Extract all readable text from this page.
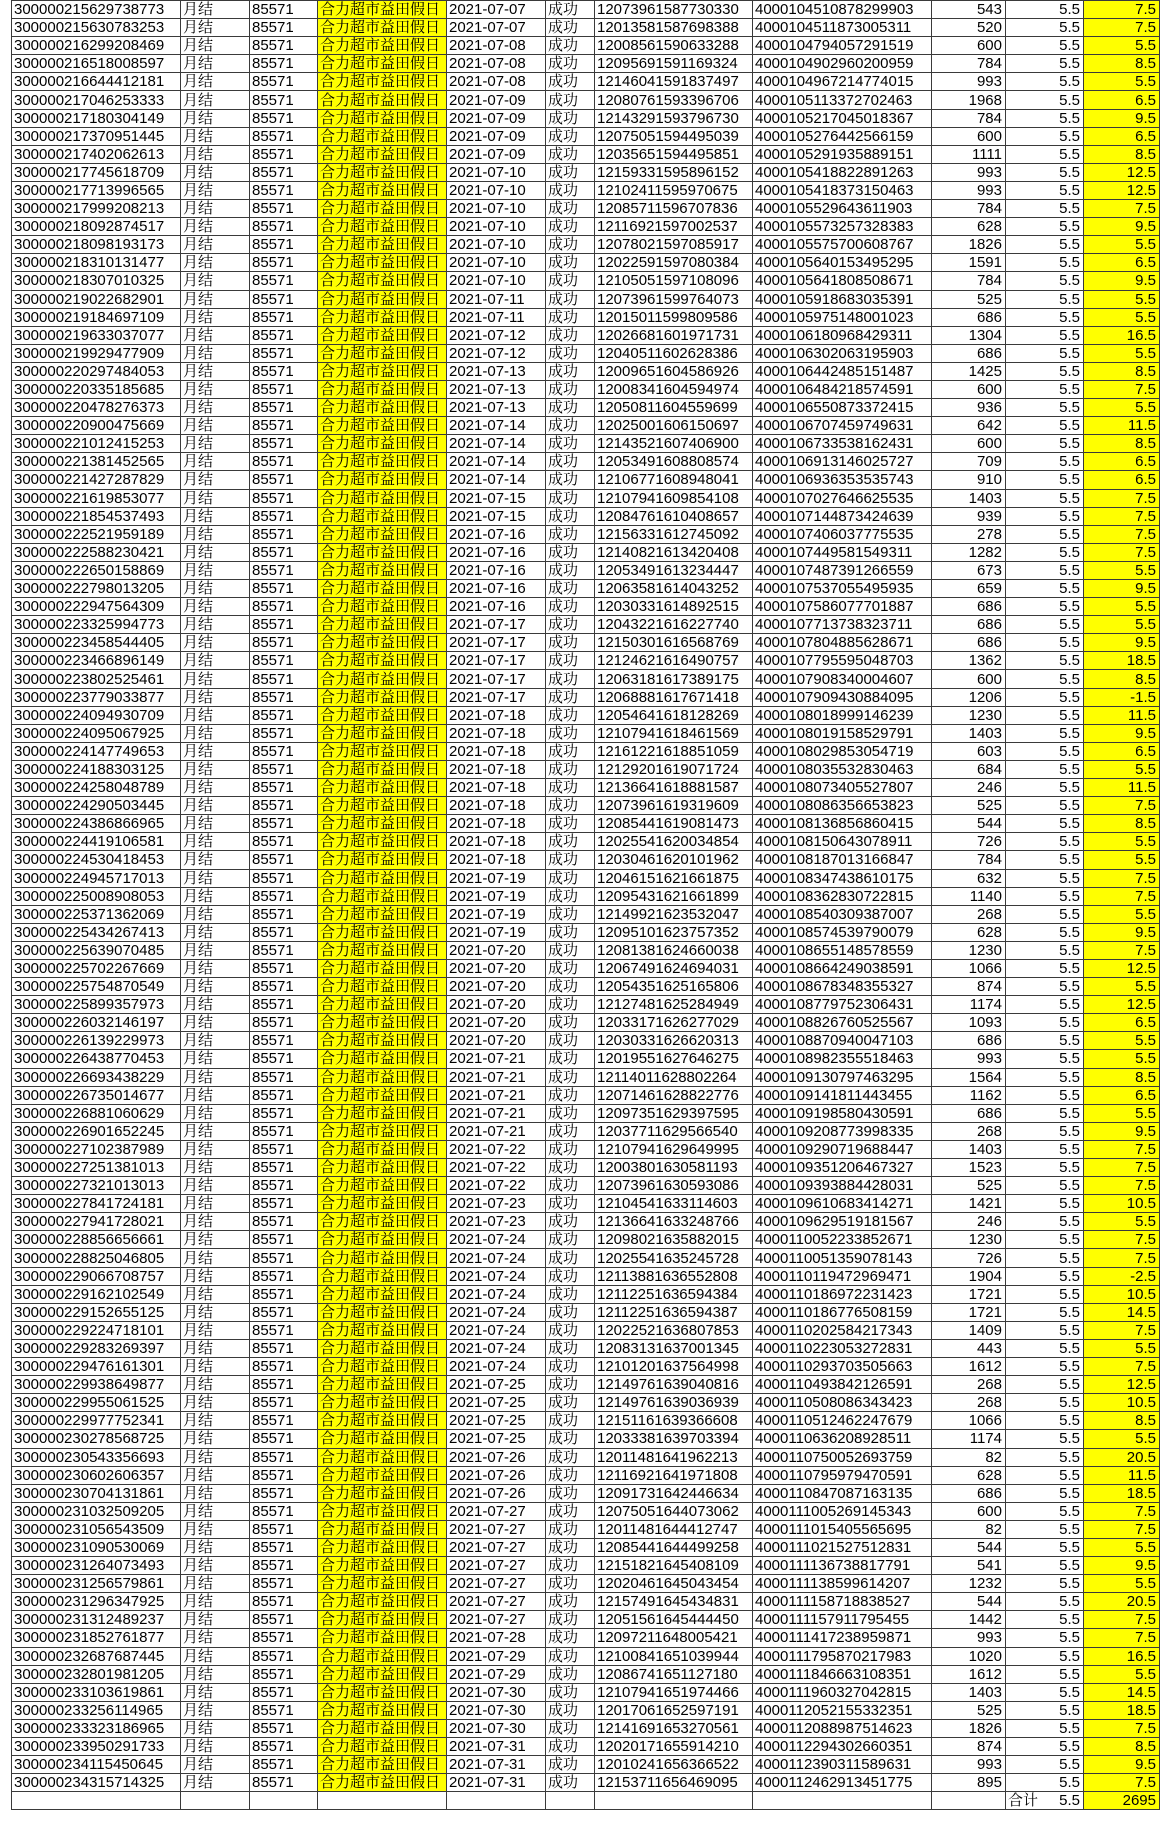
300000215629738773	月结	85571	合力超市益田假日	2021-07-07	成功	12073961587730330	4000104510878299903	543	5.5	7.5
300000215630783253	月结	85571	合力超市益田假日	2021-07-07	成功	12013581587698388	4000104511873005311	520	5.5	7.5
300000216299208469	月结	85571	合力超市益田假日	2021-07-08	成功	12008561590633288	4000104794057291519	600	5.5	5.5
300000216518008597	月结	85571	合力超市益田假日	2021-07-08	成功	12095691591169324	4000104902960200959	784	5.5	8.5
300000216644412181	月结	85571	合力超市益田假日	2021-07-08	成功	12146041591837497	4000104967214774015	993	5.5	5.5
300000217046253333	月结	85571	合力超市益田假日	2021-07-09	成功	12080761593396706	4000105113372702463	1968	5.5	6.5
300000217180304149	月结	85571	合力超市益田假日	2021-07-09	成功	12143291593796730	4000105217045018367	784	5.5	9.5
300000217370951445	月结	85571	合力超市益田假日	2021-07-09	成功	12075051594495039	4000105276442566159	600	5.5	6.5
300000217402062613	月结	85571	合力超市益田假日	2021-07-09	成功	12035651594495851	4000105291935889151	1111	5.5	8.5
300000217745618709	月结	85571	合力超市益田假日	2021-07-10	成功	12159331595896152	4000105418822891263	993	5.5	12.5
300000217713996565	月结	85571	合力超市益田假日	2021-07-10	成功	12102411595970675	4000105418373150463	993	5.5	12.5
300000217999208213	月结	85571	合力超市益田假日	2021-07-10	成功	12085711596707836	4000105529643611903	784	5.5	7.5
300000218092874517	月结	85571	合力超市益田假日	2021-07-10	成功	12116921597002537	4000105573257328383	628	5.5	9.5
300000218098193173	月结	85571	合力超市益田假日	2021-07-10	成功	12078021597085917	4000105575700608767	1826	5.5	5.5
300000218310131477	月结	85571	合力超市益田假日	2021-07-10	成功	12022591597080384	4000105640153495295	1591	5.5	6.5
300000218307010325	月结	85571	合力超市益田假日	2021-07-10	成功	12105051597108096	4000105641808508671	784	5.5	9.5
300000219022682901	月结	85571	合力超市益田假日	2021-07-11	成功	12073961599764073	4000105918683035391	525	5.5	5.5
300000219184697109	月结	85571	合力超市益田假日	2021-07-11	成功	12015011599809586	4000105975148001023	686	5.5	5.5
300000219633037077	月结	85571	合力超市益田假日	2021-07-12	成功	12026681601971731	4000106180968429311	1304	5.5	16.5
300000219929477909	月结	85571	合力超市益田假日	2021-07-12	成功	12040511602628386	4000106302063195903	686	5.5	5.5
300000220297484053	月结	85571	合力超市益田假日	2021-07-13	成功	12009651604586926	4000106442485151487	1425	5.5	8.5
300000220335185685	月结	85571	合力超市益田假日	2021-07-13	成功	12008341604594974	4000106484218574591	600	5.5	7.5
300000220478276373	月结	85571	合力超市益田假日	2021-07-13	成功	12050811604559699	4000106550873372415	936	5.5	5.5
300000220900475669	月结	85571	合力超市益田假日	2021-07-14	成功	12025001606150697	4000106707459749631	642	5.5	11.5
300000221012415253	月结	85571	合力超市益田假日	2021-07-14	成功	12143521607406900	4000106733538162431	600	5.5	8.5
300000221381452565	月结	85571	合力超市益田假日	2021-07-14	成功	12053491608808574	4000106913146025727	709	5.5	6.5
300000221427287829	月结	85571	合力超市益田假日	2021-07-14	成功	12106771608948041	4000106936353535743	910	5.5	6.5
300000221619853077	月结	85571	合力超市益田假日	2021-07-15	成功	12107941609854108	4000107027646625535	1403	5.5	7.5
300000221854537493	月结	85571	合力超市益田假日	2021-07-15	成功	12084761610408657	4000107144873424639	939	5.5	7.5
300000222521959189	月结	85571	合力超市益田假日	2021-07-16	成功	12156331612745092	4000107406037775535	278	5.5	7.5
300000222588230421	月结	85571	合力超市益田假日	2021-07-16	成功	12140821613420408	4000107449581549311	1282	5.5	7.5
300000222650158869	月结	85571	合力超市益田假日	2021-07-16	成功	12053491613234447	4000107487391266559	673	5.5	5.5
300000222798013205	月结	85571	合力超市益田假日	2021-07-16	成功	12063581614043252	4000107537055495935	659	5.5	9.5
300000222947564309	月结	85571	合力超市益田假日	2021-07-16	成功	12030331614892515	4000107586077701887	686	5.5	5.5
300000223325994773	月结	85571	合力超市益田假日	2021-07-17	成功	12043221616227740	4000107713738323711	686	5.5	5.5
300000223458544405	月结	85571	合力超市益田假日	2021-07-17	成功	12150301616568769	4000107804885628671	686	5.5	9.5
300000223466896149	月结	85571	合力超市益田假日	2021-07-17	成功	12124621616490757	4000107795595048703	1362	5.5	18.5
300000223802525461	月结	85571	合力超市益田假日	2021-07-17	成功	12063181617389175	4000107908340004607	600	5.5	8.5
300000223779033877	月结	85571	合力超市益田假日	2021-07-17	成功	12068881617671418	4000107909430884095	1206	5.5	-1.5
300000224094930709	月结	85571	合力超市益田假日	2021-07-18	成功	12054641618128269	4000108018999146239	1230	5.5	11.5
300000224095067925	月结	85571	合力超市益田假日	2021-07-18	成功	12107941618461569	4000108019158529791	1403	5.5	9.5
300000224147749653	月结	85571	合力超市益田假日	2021-07-18	成功	12161221618851059	4000108029853054719	603	5.5	6.5
300000224188303125	月结	85571	合力超市益田假日	2021-07-18	成功	12129201619071724	4000108035532830463	684	5.5	5.5
300000224258048789	月结	85571	合力超市益田假日	2021-07-18	成功	12136641618881587	4000108073405527807	246	5.5	11.5
300000224290503445	月结	85571	合力超市益田假日	2021-07-18	成功	12073961619319609	4000108086356653823	525	5.5	7.5
300000224386866965	月结	85571	合力超市益田假日	2021-07-18	成功	12085441619081473	4000108136856860415	544	5.5	8.5
300000224419106581	月结	85571	合力超市益田假日	2021-07-18	成功	12025541620034854	4000108150643078911	726	5.5	5.5
300000224530418453	月结	85571	合力超市益田假日	2021-07-18	成功	12030461620101962	4000108187013166847	784	5.5	5.5
300000224945717013	月结	85571	合力超市益田假日	2021-07-19	成功	12046151621661875	4000108347438610175	632	5.5	7.5
300000225008908053	月结	85571	合力超市益田假日	2021-07-19	成功	12095431621661899	4000108362830722815	1140	5.5	7.5
300000225371362069	月结	85571	合力超市益田假日	2021-07-19	成功	12149921623532047	4000108540309387007	268	5.5	5.5
300000225434267413	月结	85571	合力超市益田假日	2021-07-19	成功	12095101623757352	4000108574539790079	628	5.5	9.5
300000225639070485	月结	85571	合力超市益田假日	2021-07-20	成功	12081381624660038	4000108655148578559	1230	5.5	7.5
300000225702267669	月结	85571	合力超市益田假日	2021-07-20	成功	12067491624694031	4000108664249038591	1066	5.5	12.5
300000225754870549	月结	85571	合力超市益田假日	2021-07-20	成功	12054351625165806	4000108678348355327	874	5.5	5.5
300000225899357973	月结	85571	合力超市益田假日	2021-07-20	成功	12127481625284949	4000108779752306431	1174	5.5	12.5
300000226032146197	月结	85571	合力超市益田假日	2021-07-20	成功	12033171626277029	4000108826760525567	1093	5.5	6.5
300000226139229973	月结	85571	合力超市益田假日	2021-07-20	成功	12030331626620313	4000108870940047103	686	5.5	5.5
300000226438770453	月结	85571	合力超市益田假日	2021-07-21	成功	12019551627646275	4000108982355518463	993	5.5	5.5
300000226693438229	月结	85571	合力超市益田假日	2021-07-21	成功	12114011628802264	4000109130797463295	1564	5.5	8.5
300000226735014677	月结	85571	合力超市益田假日	2021-07-21	成功	12071461628822776	4000109141811443455	1162	5.5	6.5
300000226881060629	月结	85571	合力超市益田假日	2021-07-21	成功	12097351629397595	4000109198580430591	686	5.5	5.5
300000226901652245	月结	85571	合力超市益田假日	2021-07-21	成功	12037711629566540	4000109208773998335	268	5.5	9.5
300000227102387989	月结	85571	合力超市益田假日	2021-07-22	成功	12107941629649995	4000109290719688447	1403	5.5	7.5
300000227251381013	月结	85571	合力超市益田假日	2021-07-22	成功	12003801630581193	4000109351206467327	1523	5.5	7.5
300000227321013013	月结	85571	合力超市益田假日	2021-07-22	成功	12073961630593086	4000109393884428031	525	5.5	7.5
300000227841724181	月结	85571	合力超市益田假日	2021-07-23	成功	12104541633114603	4000109610683414271	1421	5.5	10.5
300000227941728021	月结	85571	合力超市益田假日	2021-07-23	成功	12136641633248766	4000109629519181567	246	5.5	5.5
300000228856656661	月结	85571	合力超市益田假日	2021-07-24	成功	12098021635882015	4000110052233852671	1230	5.5	7.5
300000228825046805	月结	85571	合力超市益田假日	2021-07-24	成功	12025541635245728	4000110051359078143	726	5.5	7.5
300000229066708757	月结	85571	合力超市益田假日	2021-07-24	成功	12113881636552808	4000110119472969471	1904	5.5	-2.5
300000229162102549	月结	85571	合力超市益田假日	2021-07-24	成功	12112251636594384	4000110186972231423	1721	5.5	10.5
300000229152655125	月结	85571	合力超市益田假日	2021-07-24	成功	12112251636594387	4000110186776508159	1721	5.5	14.5
300000229224718101	月结	85571	合力超市益田假日	2021-07-24	成功	12022521636807853	4000110202584217343	1409	5.5	7.5
300000229283269397	月结	85571	合力超市益田假日	2021-07-24	成功	12083131637001345	4000110223053272831	443	5.5	5.5
300000229476161301	月结	85571	合力超市益田假日	2021-07-24	成功	12101201637564998	4000110293703505663	1612	5.5	7.5
300000229938649877	月结	85571	合力超市益田假日	2021-07-25	成功	12149761639040816	4000110493842126591	268	5.5	12.5
300000229955061525	月结	85571	合力超市益田假日	2021-07-25	成功	12149761639036939	4000110508086343423	268	5.5	10.5
300000229977752341	月结	85571	合力超市益田假日	2021-07-25	成功	12151161639366608	4000110512462247679	1066	5.5	8.5
300000230278568725	月结	85571	合力超市益田假日	2021-07-25	成功	12033381639703394	4000110636208928511	1174	5.5	5.5
300000230543356693	月结	85571	合力超市益田假日	2021-07-26	成功	12011481641962213	4000110750052693759	82	5.5	20.5
300000230602606357	月结	85571	合力超市益田假日	2021-07-26	成功	12116921641971808	4000110795979470591	628	5.5	11.5
300000230704131861	月结	85571	合力超市益田假日	2021-07-26	成功	12091731642446634	4000110847087163135	686	5.5	18.5
300000231032509205	月结	85571	合力超市益田假日	2021-07-27	成功	12075051644073062	4000111005269145343	600	5.5	7.5
300000231056543509	月结	85571	合力超市益田假日	2021-07-27	成功	12011481644412747	4000111015405565695	82	5.5	7.5
300000231090530069	月结	85571	合力超市益田假日	2021-07-27	成功	12085441644499258	4000111021527512831	544	5.5	5.5
300000231264073493	月结	85571	合力超市益田假日	2021-07-27	成功	12151821645408109	4000111136738817791	541	5.5	9.5
300000231256579861	月结	85571	合力超市益田假日	2021-07-27	成功	12020461645043454	4000111138599614207	1232	5.5	5.5
300000231296347925	月结	85571	合力超市益田假日	2021-07-27	成功	12157491645434831	4000111158718838527	544	5.5	20.5
300000231312489237	月结	85571	合力超市益田假日	2021-07-27	成功	12051561645444450	4000111157911795455	1442	5.5	7.5
300000231852761877	月结	85571	合力超市益田假日	2021-07-28	成功	12097211648005421	4000111417238959871	993	5.5	7.5
300000232687687445	月结	85571	合力超市益田假日	2021-07-29	成功	12100841651039944	4000111795870217983	1020	5.5	16.5
300000232801981205	月结	85571	合力超市益田假日	2021-07-29	成功	12086741651127180	4000111846663108351	1612	5.5	5.5
300000233103619861	月结	85571	合力超市益田假日	2021-07-30	成功	12107941651974466	4000111960327042815	1403	5.5	14.5
300000233256114965	月结	85571	合力超市益田假日	2021-07-30	成功	12017061652597191	4000112052155332351	525	5.5	18.5
300000233323186965	月结	85571	合力超市益田假日	2021-07-30	成功	12141691653270561	4000112088987514623	1826	5.5	7.5
300000233950291733	月结	85571	合力超市益田假日	2021-07-31	成功	12020171655914210	4000112294302660351	874	5.5	8.5
300000234115450645	月结	85571	合力超市益田假日	2021-07-31	成功	12010241656366522	4000112390311589631	993	5.5	9.5
300000234315714325	月结	85571	合力超市益田假日	2021-07-31	成功	12153711656469095	4000112462913451775	895	5.5	7.5

									合计 5.5	2695
